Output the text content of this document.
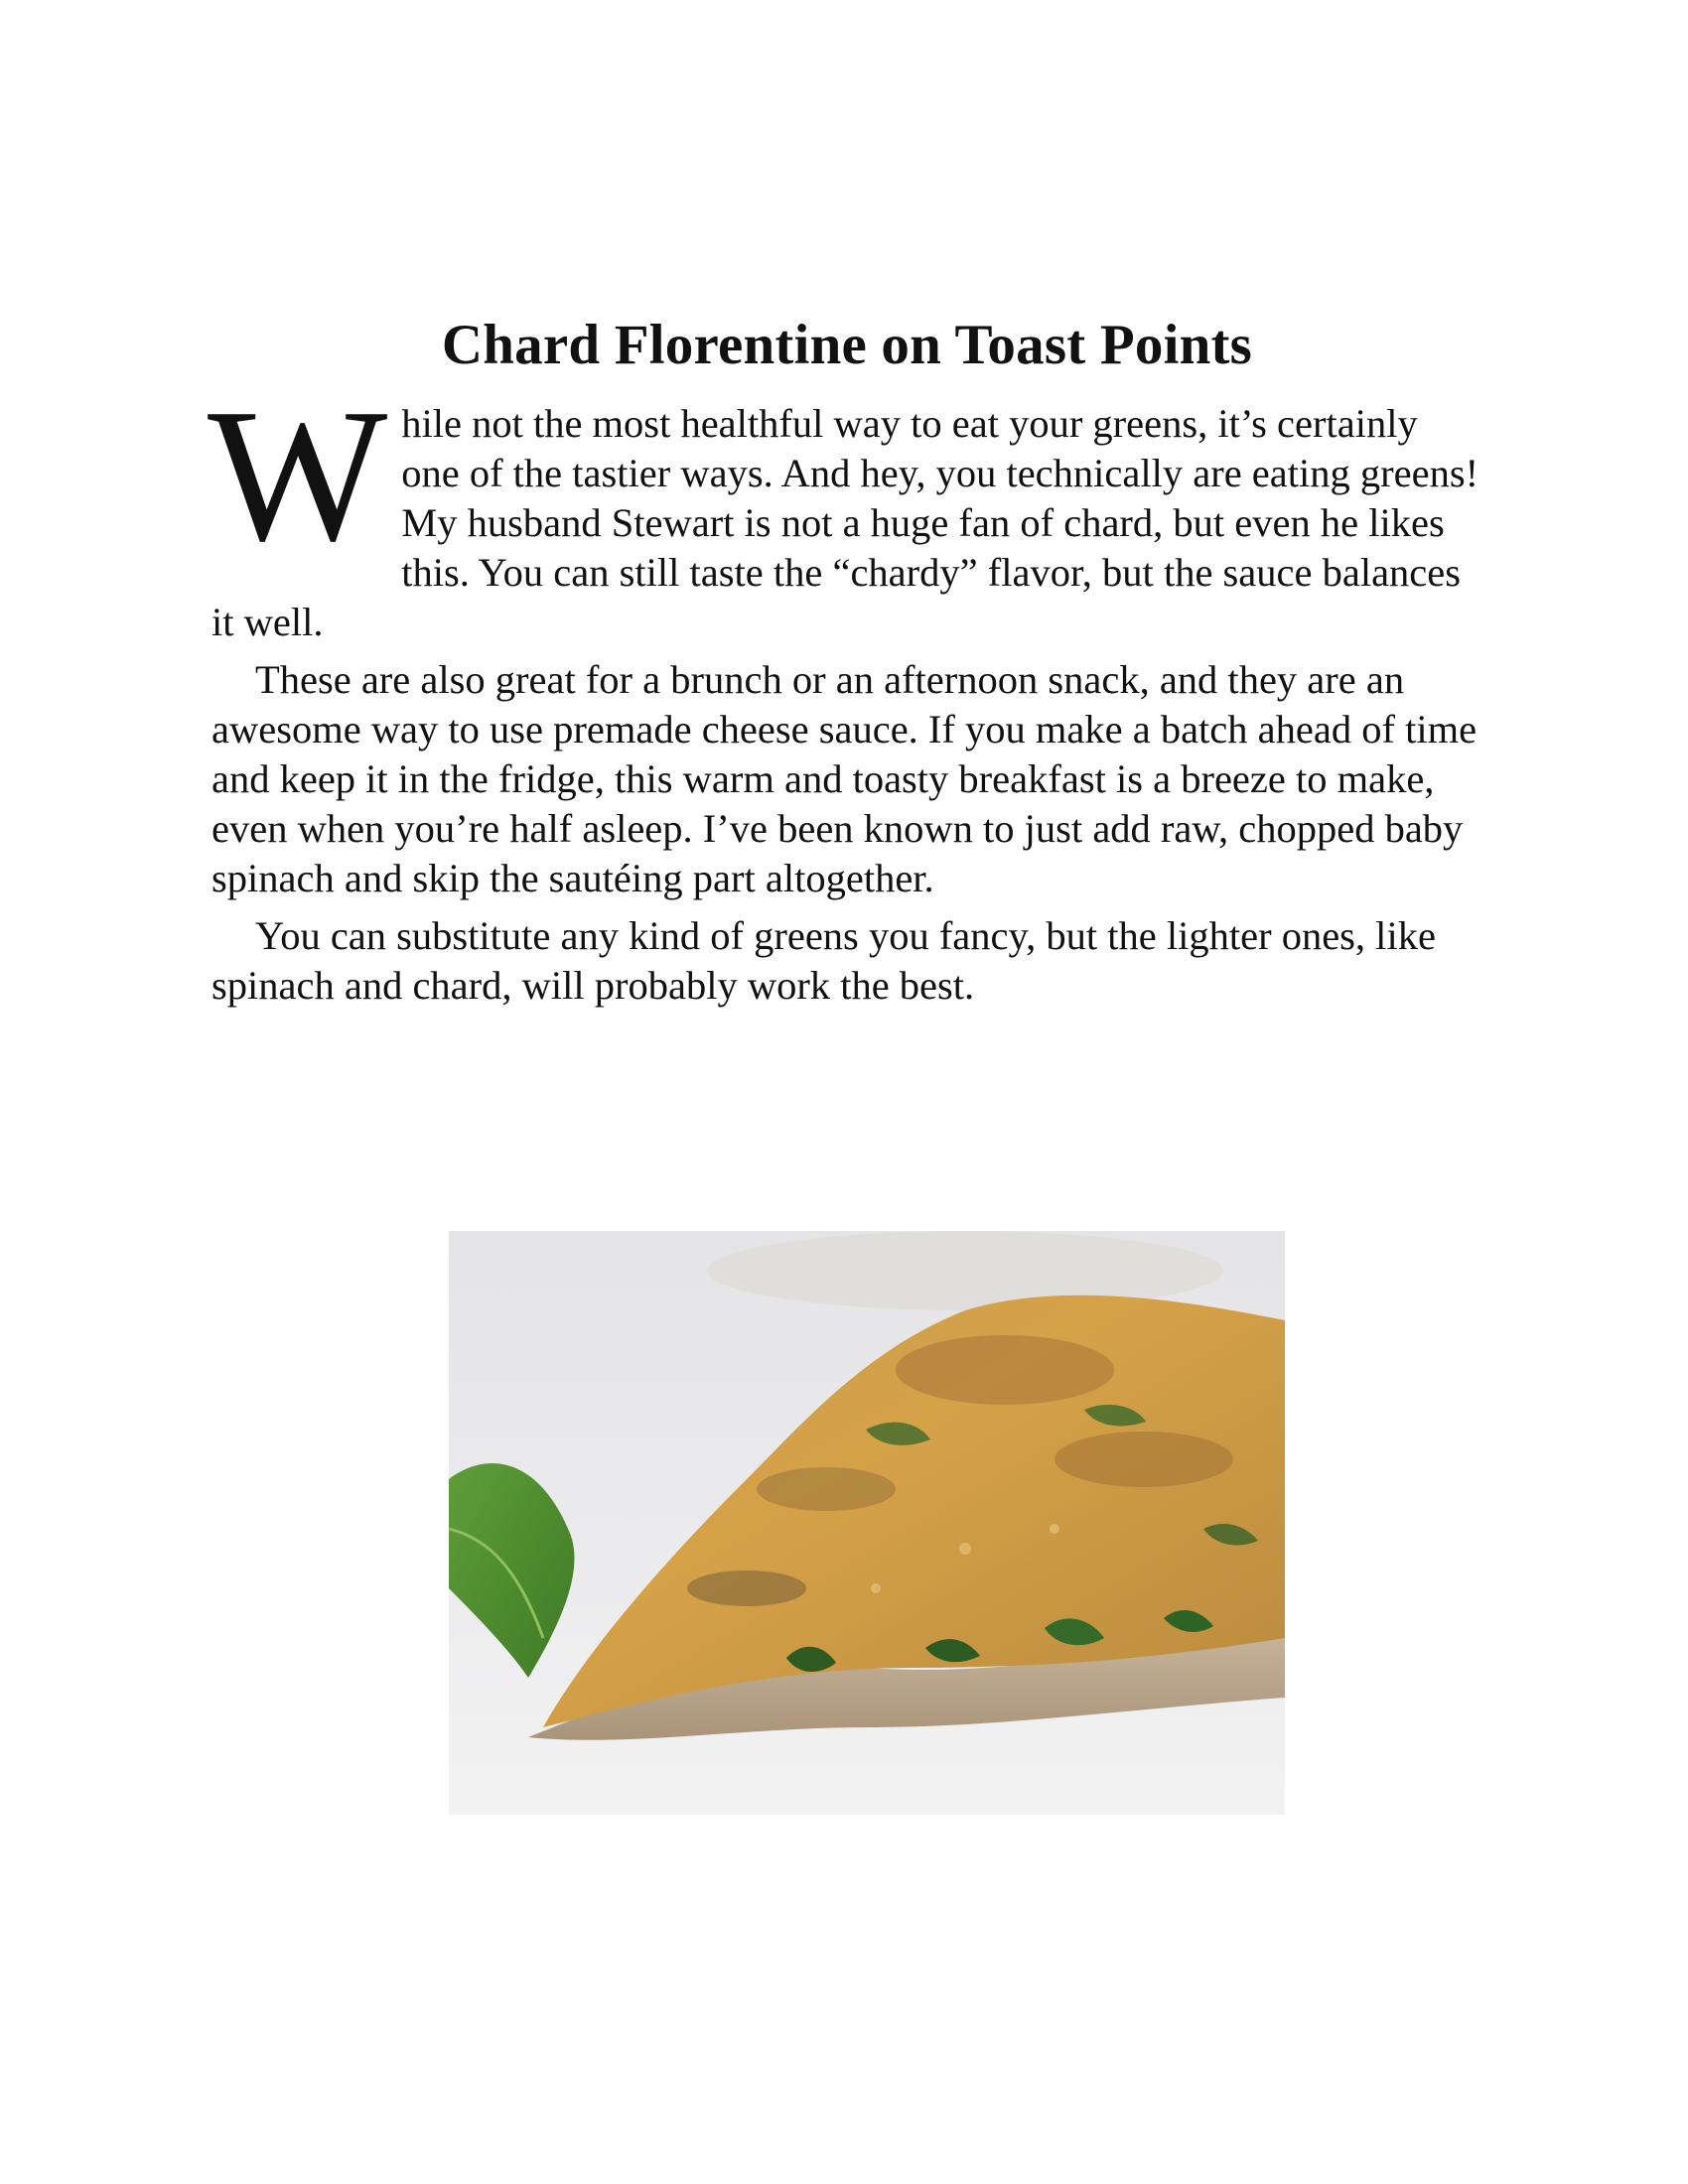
Chard Florentine on Toast Points

While not the most healthful way to eat your greens, it’s certainly one of the tastier ways. And hey, you technically are eating greens! My husband Stewart is not a huge fan of chard, but even he likes this. You can still taste the “chardy” flavor, but the sauce balances it well.

These are also great for a brunch or an afternoon snack, and they are an awesome way to use premade cheese sauce. If you make a batch ahead of time and keep it in the fridge, this warm and toasty breakfast is a breeze to make, even when you’re half asleep. I’ve been known to just add raw, chopped baby spinach and skip the sautéing part altogether.

You can substitute any kind of greens you fancy, but the lighter ones, like spinach and chard, will probably work the best.
